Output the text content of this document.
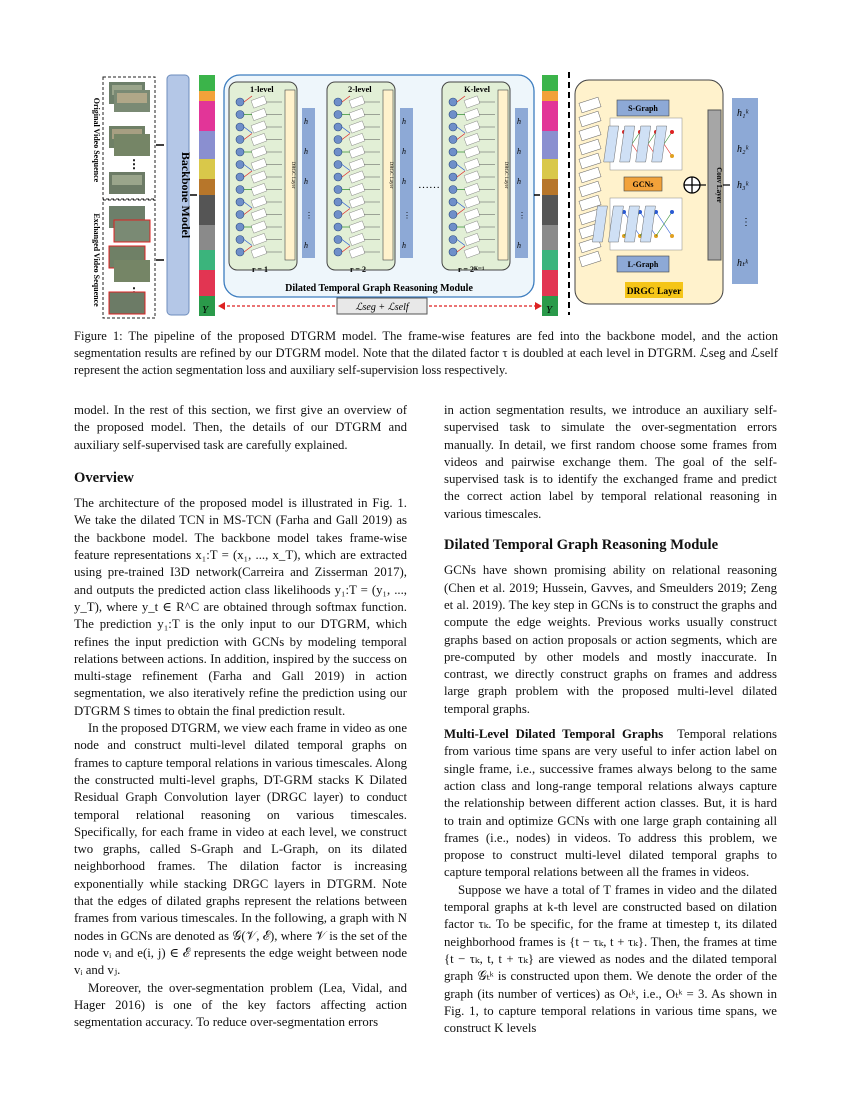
Original Video Sequence
Exchanged Video Sequence
⋮	Backbone Model
Y
1-level	2-level	K-level
r = 1	r = 2	r = 2ᴷ⁻¹
DRGC Layer	DRGC Layer	DRGC Layer
h
h
h
⋮
h
h
h
h
⋮
h
……
h
h
h
⋮
h
Dilated Temporal Graph Reasoning Module
ℒseg + ℒself	Y
S-Graph
GCNs
L-Graph
Conv Layer
DRGC Layer
h₁ᵏ
h₂ᵏ
h₃ᵏ
⋮
hₜᵏ
Figure 1: The pipeline of the proposed DTGRM model. The frame-wise features are fed into the backbone model, and the action segmentation results are refined by our DTGRM model. Note that the dilated factor τ is doubled at each level in DTGRM. ℒseg and ℒself represent the action segmentation loss and auxiliary self-supervision loss respectively.

model. In the rest of this section, we first give an overview of the proposed model. Then, the details of our DTGRM and auxiliary self-supervised task are carefully explained.

Overview

The architecture of the proposed model is illustrated in Fig. 1. We take the dilated TCN in MS-TCN (Farha and Gall 2019) as the backbone model. The backbone model takes frame-wise feature representations x₁:T = (x₁, ..., x_T), which are extracted using pre-trained I3D network(Carreira and Zisserman 2017), and outputs the predicted action class likelihoods y₁:T = (y₁, ..., y_T), where y_t ∈ R^C are obtained through softmax function. The prediction y₁:T is the only input to our DTGRM, which refines the input prediction with GCNs by modeling temporal relations between actions. In addition, inspired by the success on multi-stage refinement (Farha and Gall 2019) in action segmentation, we also iteratively refine the prediction using our DTGRM S times to obtain the final prediction result.

In the proposed DTGRM, we view each frame in video as one node and construct multi-level dilated temporal graphs on frames to capture temporal relations in various timescales. Along the constructed multi-level graphs, DT-GRM stacks K Dilated Residual Graph Convolution layer (DRGC layer) to conduct temporal relational reasoning on various timescales. Specifically, for each frame in video at each level, we construct two graphs, called S-Graph and L-Graph, on its dilated neighborhood frames. The dilation factor is increasing exponentially while stacking DRGC layers in DTGRM. Note that the edges of dilated graphs represent the relations between frames from various timescales. In the following, a graph with N nodes in GCNs are denoted as 𝒢(𝒱, ℰ), where 𝒱 is the set of the node vᵢ and e(i, j) ∈ ℰ represents the edge weight between node vᵢ and vⱼ.

Moreover, the over-segmentation problem (Lea, Vidal, and Hager 2016) is one of the key factors affecting action segmentation accuracy. To reduce over-segmentation errors

in action segmentation results, we introduce an auxiliary self-supervised task to simulate the over-segmentation errors manually. In detail, we first random choose some frames from videos and pairwise exchange them. The goal of the self-supervised task is to identify the exchanged frame and predict the correct action label by temporal relational reasoning in various timescales.

Dilated Temporal Graph Reasoning Module

GCNs have shown promising ability on relational reasoning (Chen et al. 2019; Hussein, Gavves, and Smeulders 2019; Zeng et al. 2019). The key step in GCNs is to construct the graphs and compute the edge weights. Previous works usually construct graphs based on action proposals or action segments, which are pre-computed by other models and mostly inaccurate. In contrast, we directly construct graphs on frames and address large graph problem with the proposed multi-level dilated temporal graphs.

Multi-Level Dilated Temporal Graphs Temporal relations from various time spans are very useful to infer action label on single frame, i.e., successive frames always belong to the same action class and long-range temporal relations always capture the relationship between different action classes. But, it is hard to train and optimize GCNs with one large graph containing all frames (i.e., nodes) in videos. To address this problem, we propose to construct multi-level dilated temporal graphs to capture temporal relations between all the frames in videos.

Suppose we have a total of T frames in video and the dilated temporal graphs at k-th level are constructed based on dilation factor τₖ. To be specific, for the frame at timestep t, its dilated neighborhood frames is {t − τₖ, t + τₖ}. Then, the frames at time {t − τₖ, t, t + τₖ} are viewed as nodes and the dilated temporal graph 𝒢ₜᵏ is constructed upon them. We denote the order of the graph (its number of vertices) as Oₜᵏ, i.e., Oₜᵏ = 3. As shown in Fig. 1, to capture temporal relations in various time spans, we construct K levels
